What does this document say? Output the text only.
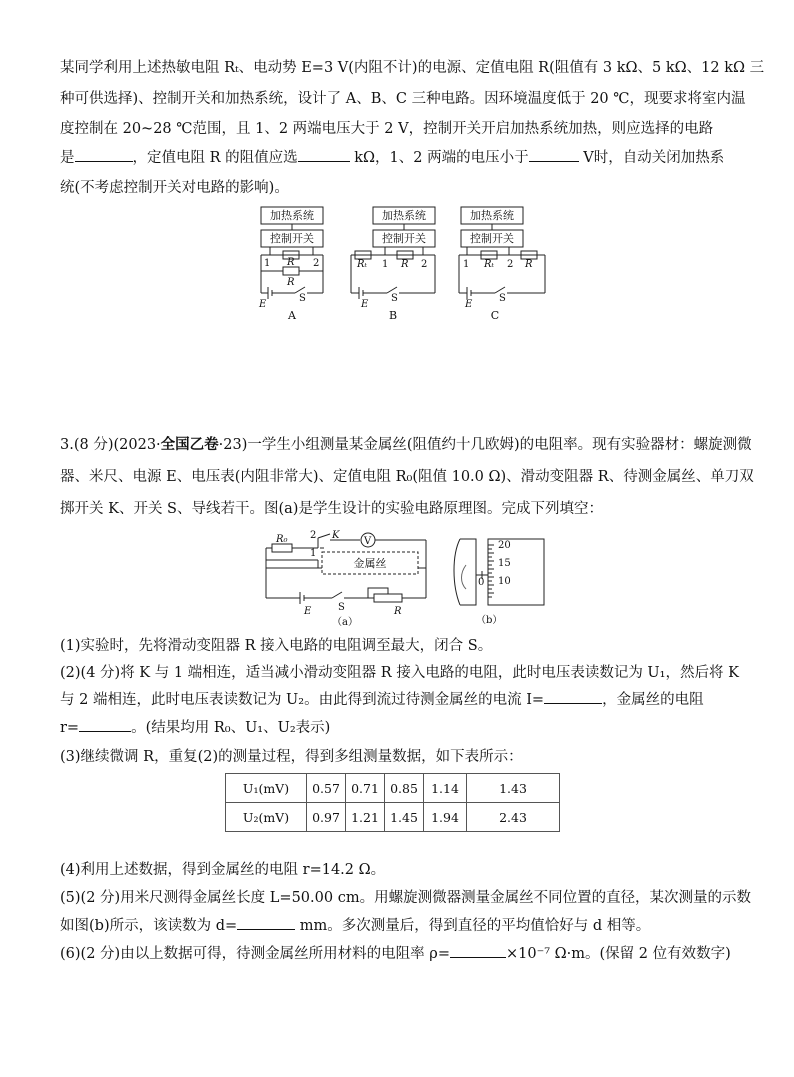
某同学利用上述热敏电阻 Rₜ、电动势 E=3 V(内阻不计)的电源、定值电阻 R(阻值有 3 kΩ、5 kΩ、12 kΩ 三
种可供选择)、控制开关和加热系统，设计了 A、B、C 三种电路。因环境温度低于 20 ℃，现要求将室内温
度控制在 20~28 ℃范围，且 1、2 两端电压大于 2 V，控制开关开启加热系统加热，则应选择的电路
是	，定值电阻 R 的阻值应选	kΩ，1、2 两端的电压小于	V时，自动关闭加热系
统(不考虑控制开关对电路的影响)。
加热系统
控制开关
加热系统
控制开关
加热系统
控制开关
1	2
R
R
E
S
Rₜ 1 R 2
E
S
1 Rₜ 2 R
E
S
A	B	C
3.(8 分)(2023·全国乙卷·23)一学生小组测量某金属丝(阻值约十几欧姆)的电阻率。现有实验器材：螺旋测微
器、米尺、电源 E、电压表(内阻非常大)、定值电阻 R₀(阻值 10.0 Ω)、滑动变阻器 R、待测金属丝、单刀双
掷开关 K、开关 S、导线若干。图(a)是学生设计的实验电路原理图。完成下列填空：
2
1
K
V
R₀
金属丝
E	S	R
（a）
20
15
10
0
（b）
(1)实验时，先将滑动变阻器 R 接入电路的电阻调至最大，闭合 S。
(2)(4 分)将 K 与 1 端相连，适当减小滑动变阻器 R 接入电路的电阻，此时电压表读数记为 U₁，然后将 K
与 2 端相连，此时电压表读数记为 U₂。由此得到流过待测金属丝的电流 I=	，金属丝的电阻
r=	。(结果均用 R₀、U₁、U₂表示)
(3)继续微调 R，重复(2)的测量过程，得到多组测量数据，如下表所示：
U₁(mV)	0.57	0.71	0.85	1.14	1.43
U₂(mV)	0.97	1.21	1.45	1.94	2.43
(4)利用上述数据，得到金属丝的电阻 r=14.2 Ω。
(5)(2 分)用米尺测得金属丝长度 L=50.00 cm。用螺旋测微器测量金属丝不同位置的直径，某次测量的示数
如图(b)所示，该读数为 d=	mm。多次测量后，得到直径的平均值恰好与 d 相等。
(6)(2 分)由以上数据可得，待测金属丝所用材料的电阻率 ρ=	×10⁻⁷ Ω·m。(保留 2 位有效数字)
